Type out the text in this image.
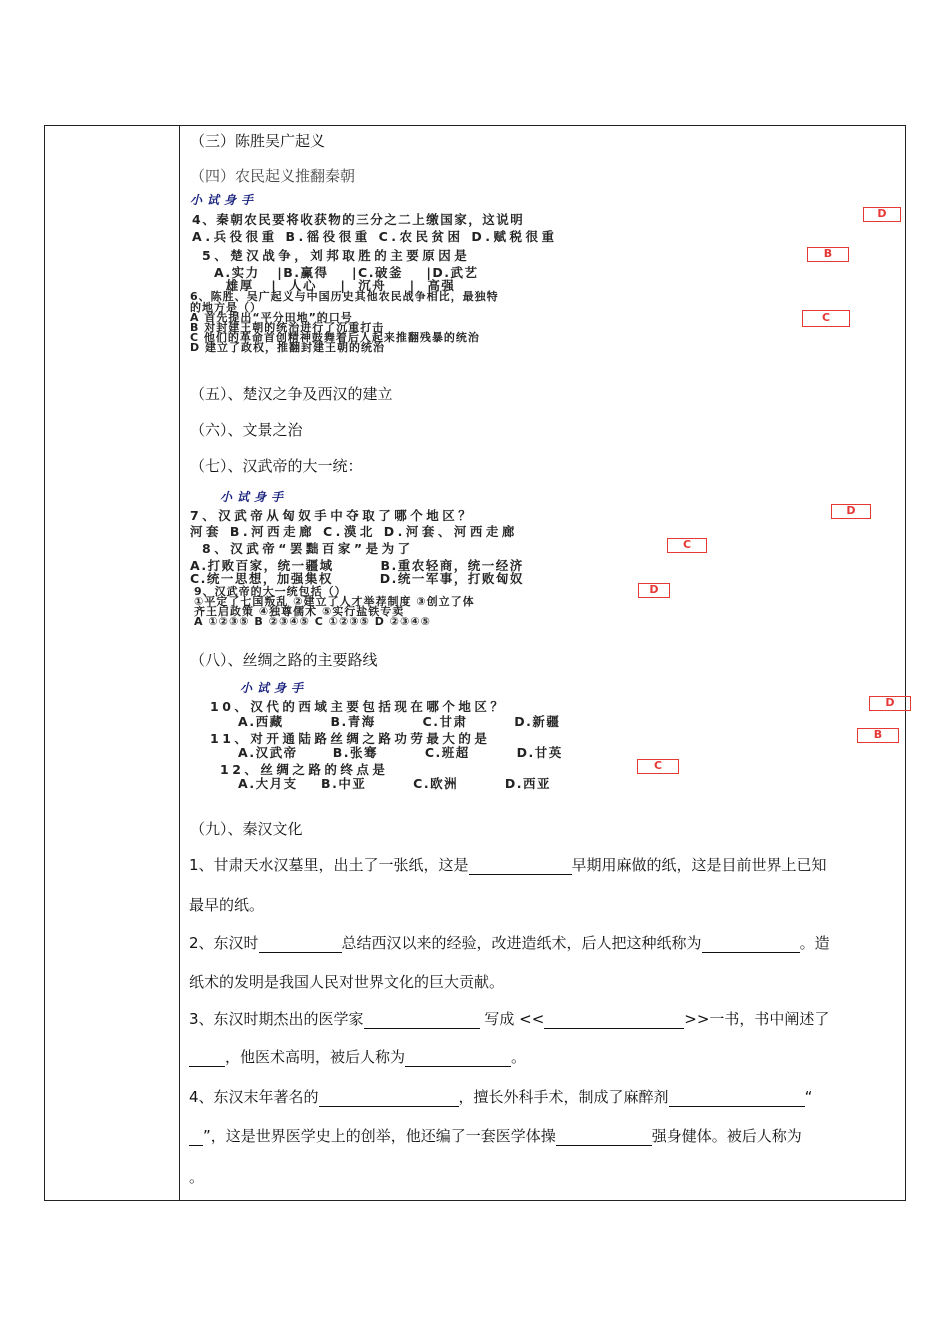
（三）陈胜吴广起义
（四）农民起义推翻秦朝
小试身手
4、秦朝农民要将收获物的三分之二上缴国家，这说明	D
A.兵役很重 B.徭役很重 C.农民贫困 D.赋税很重
5、楚汉战争，刘邦取胜的主要原因是	B
A.实力   |B.赢得    |C.破釜    |D.武艺
雄厚   |  人心    |  沉舟    |  高强
6、陈胜、吴广起义与中国历史其他农民战争相比，最独特
的地方是（）
C
A 首先提出“平分田地”的口号
B 对封建王朝的统治进行了沉重打击
C 他们的革命首创精神鼓舞着后人起来推翻残暴的统治
D 建立了政权，推翻封建王朝的统治
（五）、楚汉之争及西汉的建立
（六）、文景之治
（七）、汉武帝的大一统：
小试身手
7、汉武帝从匈奴手中夺取了哪个地区？	D
河套 B.河西走廊 C.漠北 D.河套、河西走廊
8、汉武帝“罢黜百家”是为了	C
A.打败百家，统一疆域        B.重农轻商，统一经济
C.统一思想，加强集权        D.统一军事，打败匈奴
9、汉武帝的大一统包括（）	D
①平定了七国叛乱 ②建立了人才举荐制度 ③创立了体
齐王启政策 ④独尊儒术 ⑤实行盐铁专卖
A ①②③⑤ B ②③④⑤ C ①②③⑤ D ②③④⑤
（八）、丝绸之路的主要路线
小试身手
10、汉代的西域主要包括现在哪个地区？	D
A.西藏        B.青海        C.甘肃        D.新疆
11、对开通陆路丝绸之路功劳最大的是	B
A.汉武帝      B.张骞        C.班超        D.甘英
12、丝绸之路的终点是	C
A.大月支    B.中亚        C.欧洲        D.西亚
（九）、秦汉文化
1、甘肃天水汉墓里，出土了一张纸，这是	早期用麻做的纸，这是目前世界上已知
最早的纸。
2、东汉时	总结西汉以来的经验，改进造纸术，后人把这种纸称为	。造
纸术的发明是我国人民对世界文化的巨大贡献。
3、东汉时期杰出的医学家	写成 <<	>>一书，书中阐述了
，他医术高明，被后人称为	。
4、东汉末年著名的	，擅长外科手术，制成了麻醉剂	“
”，这是世界医学史上的创举，他还编了一套医学体操	强身健体。被后人称为
。
